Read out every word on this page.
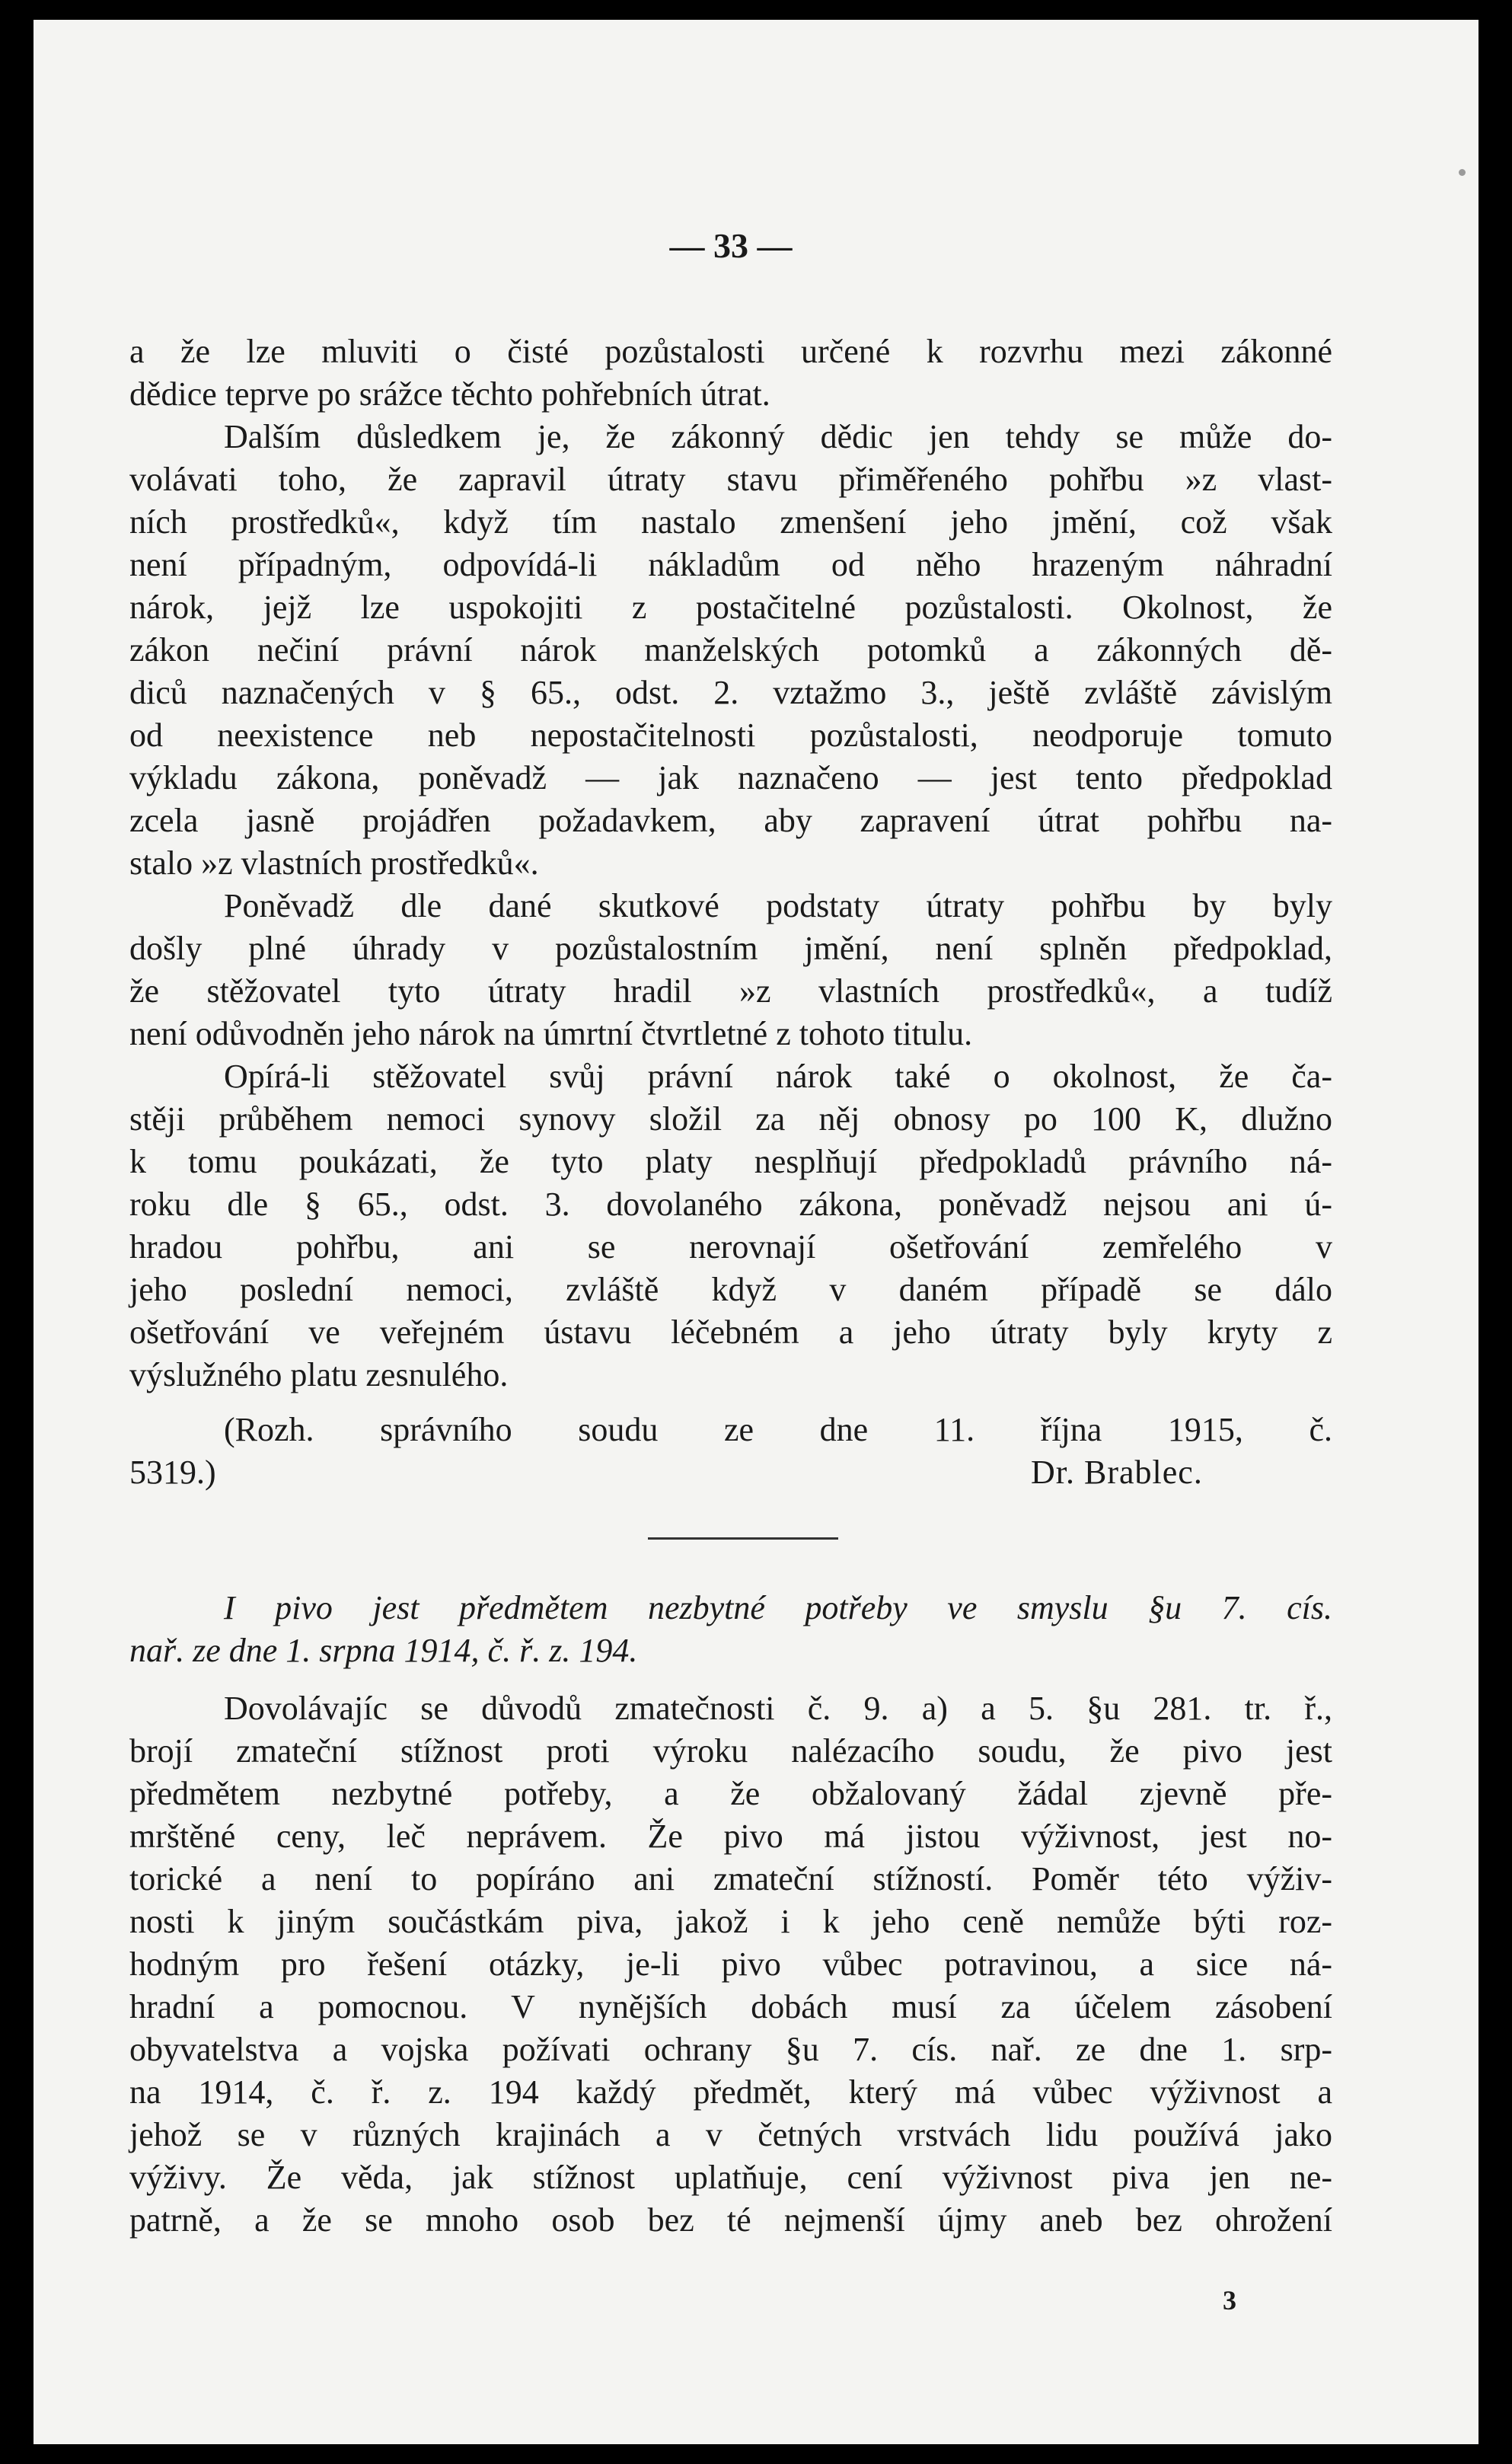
— 33 —
a že lze mluviti o čisté pozůstalosti určené k rozvrhu mezi zákonné
dědice teprve po srážce těchto pohřebních útrat.
Dalším důsledkem je, že zákonný dědic jen tehdy se může do-
volávati toho, že zapravil útraty stavu přiměřeného pohřbu »z vlast-
ních prostředků«, když tím nastalo zmenšení jeho jmění, což však
není případným, odpovídá-li nákladům od něho hrazeným náhradní
nárok, jejž lze uspokojiti z postačitelné pozůstalosti. Okolnost, že
zákon nečiní právní nárok manželských potomků a zákonných dě-
diců naznačených v § 65., odst. 2. vztažmo 3., ještě zvláště závislým
od neexistence neb nepostačitelnosti pozůstalosti, neodporuje tomuto
výkladu zákona, poněvadž — jak naznačeno — jest tento předpoklad
zcela jasně projádřen požadavkem, aby zapravení útrat pohřbu na-
stalo »z vlastních prostředků«.
Poněvadž dle dané skutkové podstaty útraty pohřbu by byly
došly plné úhrady v pozůstalostním jmění, není splněn předpoklad,
že stěžovatel tyto útraty hradil »z vlastních prostředků«, a tudíž
není odůvodněn jeho nárok na úmrtní čtvrtletné z tohoto titulu.
Opírá-li stěžovatel svůj právní nárok také o okolnost, že ča-
stěji průběhem nemoci synovy složil za něj obnosy po 100 K, dlužno
k tomu poukázati, že tyto platy nesplňují předpokladů právního ná-
roku dle § 65., odst. 3. dovolaného zákona, poněvadž nejsou ani ú-
hradou pohřbu, ani se nerovnají ošetřování zemřelého v
jeho poslední nemoci, zvláště když v daném případě se dálo
ošetřování ve veřejném ústavu léčebném a jeho útraty byly kryty z
výslužného platu zesnulého.
(Rozh. správního soudu ze dne 11. října 1915, č.
5319.)	Dr. Brablec.
I pivo jest předmětem nezbytné potřeby ve smyslu §u 7. cís.
nař. ze dne 1. srpna 1914, č. ř. z. 194.
Dovolávajíc se důvodů zmatečnosti č. 9. a) a 5. §u 281. tr. ř.,
brojí zmateční stížnost proti výroku nalézacího soudu, že pivo jest
předmětem nezbytné potřeby, a že obžalovaný žádal zjevně pře-
mrštěné ceny, leč neprávem. Že pivo má jistou výživnost, jest no-
torické a není to popíráno ani zmateční stížností. Poměr této výživ-
nosti k jiným součástkám piva, jakož i k jeho ceně nemůže býti roz-
hodným pro řešení otázky, je-li pivo vůbec potravinou, a sice ná-
hradní a pomocnou. V nynějších dobách musí za účelem zásobení
obyvatelstva a vojska požívati ochrany §u 7. cís. nař. ze dne 1. srp-
na 1914, č. ř. z. 194 každý předmět, který má vůbec výživnost a
jehož se v různých krajinách a v četných vrstvách lidu používá jako
výživy. Že věda, jak stížnost uplatňuje, cení výživnost piva jen ne-
patrně, a že se mnoho osob bez té nejmenší újmy aneb bez ohrožení
3
